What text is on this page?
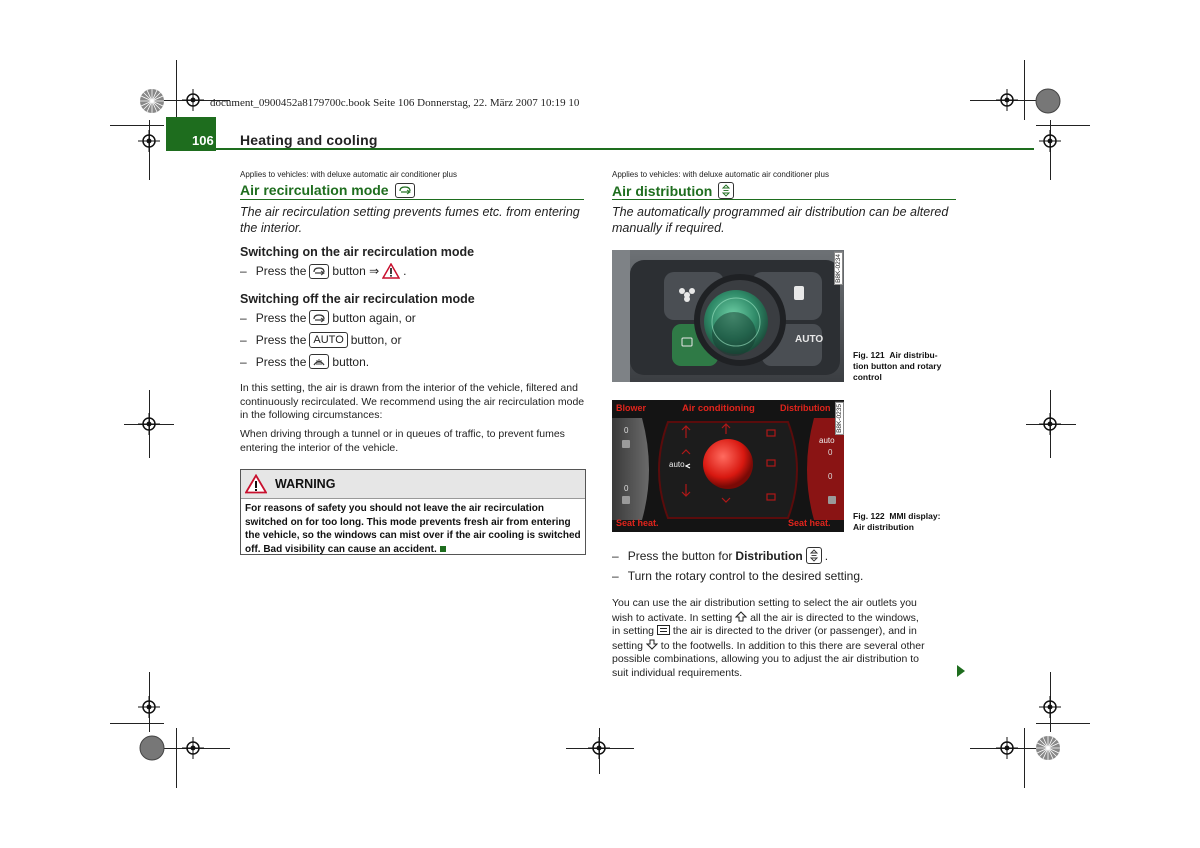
document_0900452a8179700c.book Seite 106 Donnerstag, 22. März 2007 10:19 10
106 Heating and cooling
Applies to vehicles: with deluxe automatic air conditioner plus
Air recirculation mode
The air recirculation setting prevents fumes etc. from entering the interior.
Switching on the air recirculation mode
– Press the button ⇒ .
Switching off the air recirculation mode
– Press the button again, or
– Press the AUTO button, or
– Press the button.
In this setting, the air is drawn from the interior of the vehicle, filtered and continuously recirculated. We recommend using the air recirculation mode in the following circumstances:
When driving through a tunnel or in queues of traffic, to prevent fumes entering the interior of the vehicle.
WARNING
For reasons of safety you should not leave the air recirculation switched on for too long. This mode prevents fresh air from entering the vehicle, so the windows can mist over if the air cooling is switched off. Bad visibility can cause an accident.
Applies to vehicles: with deluxe automatic air conditioner plus
Air distribution
The automatically programmed air distribution can be altered manually if required.
AUTO
B8K-0234
Fig. 121 Air distribu-
tion button and rotary
control
Blower	Air conditioning	Distribution
0
0
0
0
auto
auto
Seat heat.	Seat heat.
B8K-0235
Fig. 122 MMI display:
Air distribution
– Press the button for Distribution .
– Turn the rotary control to the desired setting.
You can use the air distribution setting to select the air outlets you
wish to activate. In setting all the air is directed to the windows,
in setting the air is directed to the driver (or passenger), and in
setting to the footwells. In addition to this there are several other
possible combinations, allowing you to adjust the air distribution to
suit individual requirements.
